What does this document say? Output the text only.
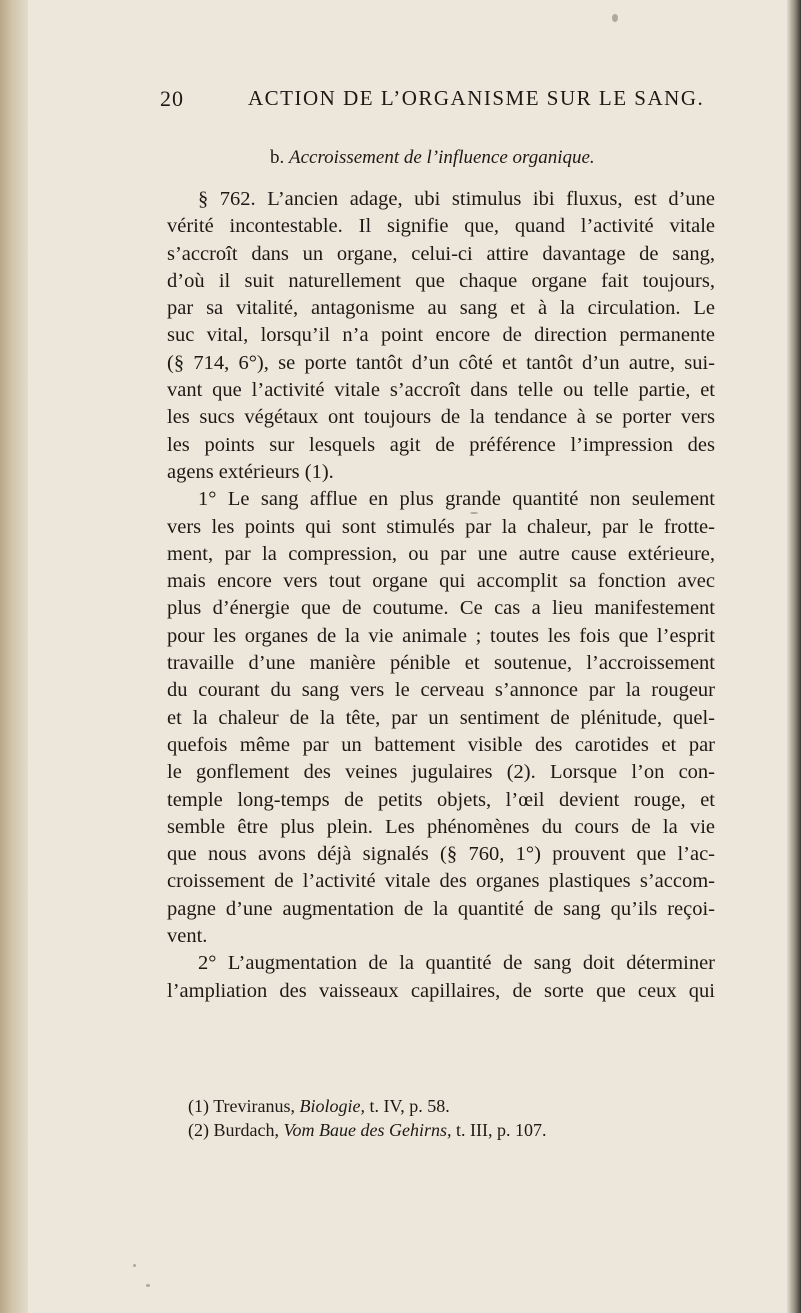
20	ACTION DE L’ORGANISME SUR LE SANG.
b. Accroissement de l’influence organique.
§ 762. L’ancien adage, ubi stimulus ibi fluxus, est d’une
vérité incontestable. Il signifie que, quand l’activité vitale
s’accroît dans un organe, celui-ci attire davantage de sang,
d’où il suit naturellement que chaque organe fait toujours,
par sa vitalité, antagonisme au sang et à la circulation. Le
suc vital, lorsqu’il n’a point encore de direction permanente
(§ 714, 6°), se porte tantôt d’un côté et tantôt d’un autre, sui-
vant que l’activité vitale s’accroît dans telle ou telle partie, et
les sucs végétaux ont toujours de la tendance à se porter vers
les points sur lesquels agit de préférence l’impression des
agens extérieurs (1).
1° Le sang afflue en plus grande quantité non seulement
vers les points qui sont stimulés par la chaleur, par le frotte-
ment, par la compression, ou par une autre cause extérieure,
mais encore vers tout organe qui accomplit sa fonction avec
plus d’énergie que de coutume. Ce cas a lieu manifestement
pour les organes de la vie animale ; toutes les fois que l’esprit
travaille d’une manière pénible et soutenue, l’accroissement
du courant du sang vers le cerveau s’annonce par la rougeur
et la chaleur de la tête, par un sentiment de plénitude, quel-
quefois même par un battement visible des carotides et par
le gonflement des veines jugulaires (2). Lorsque l’on con-
temple long-temps de petits objets, l’œil devient rouge, et
semble être plus plein. Les phénomènes du cours de la vie
que nous avons déjà signalés (§ 760, 1°) prouvent que l’ac-
croissement de l’activité vitale des organes plastiques s’accom-
pagne d’une augmentation de la quantité de sang qu’ils reçoi-
vent.
2° L’augmentation de la quantité de sang doit déterminer
l’ampliation des vaisseaux capillaires, de sorte que ceux qui
(1) Treviranus, Biologie, t. IV, p. 58.
(2) Burdach, Vom Baue des Gehirns, t. III, p. 107.
